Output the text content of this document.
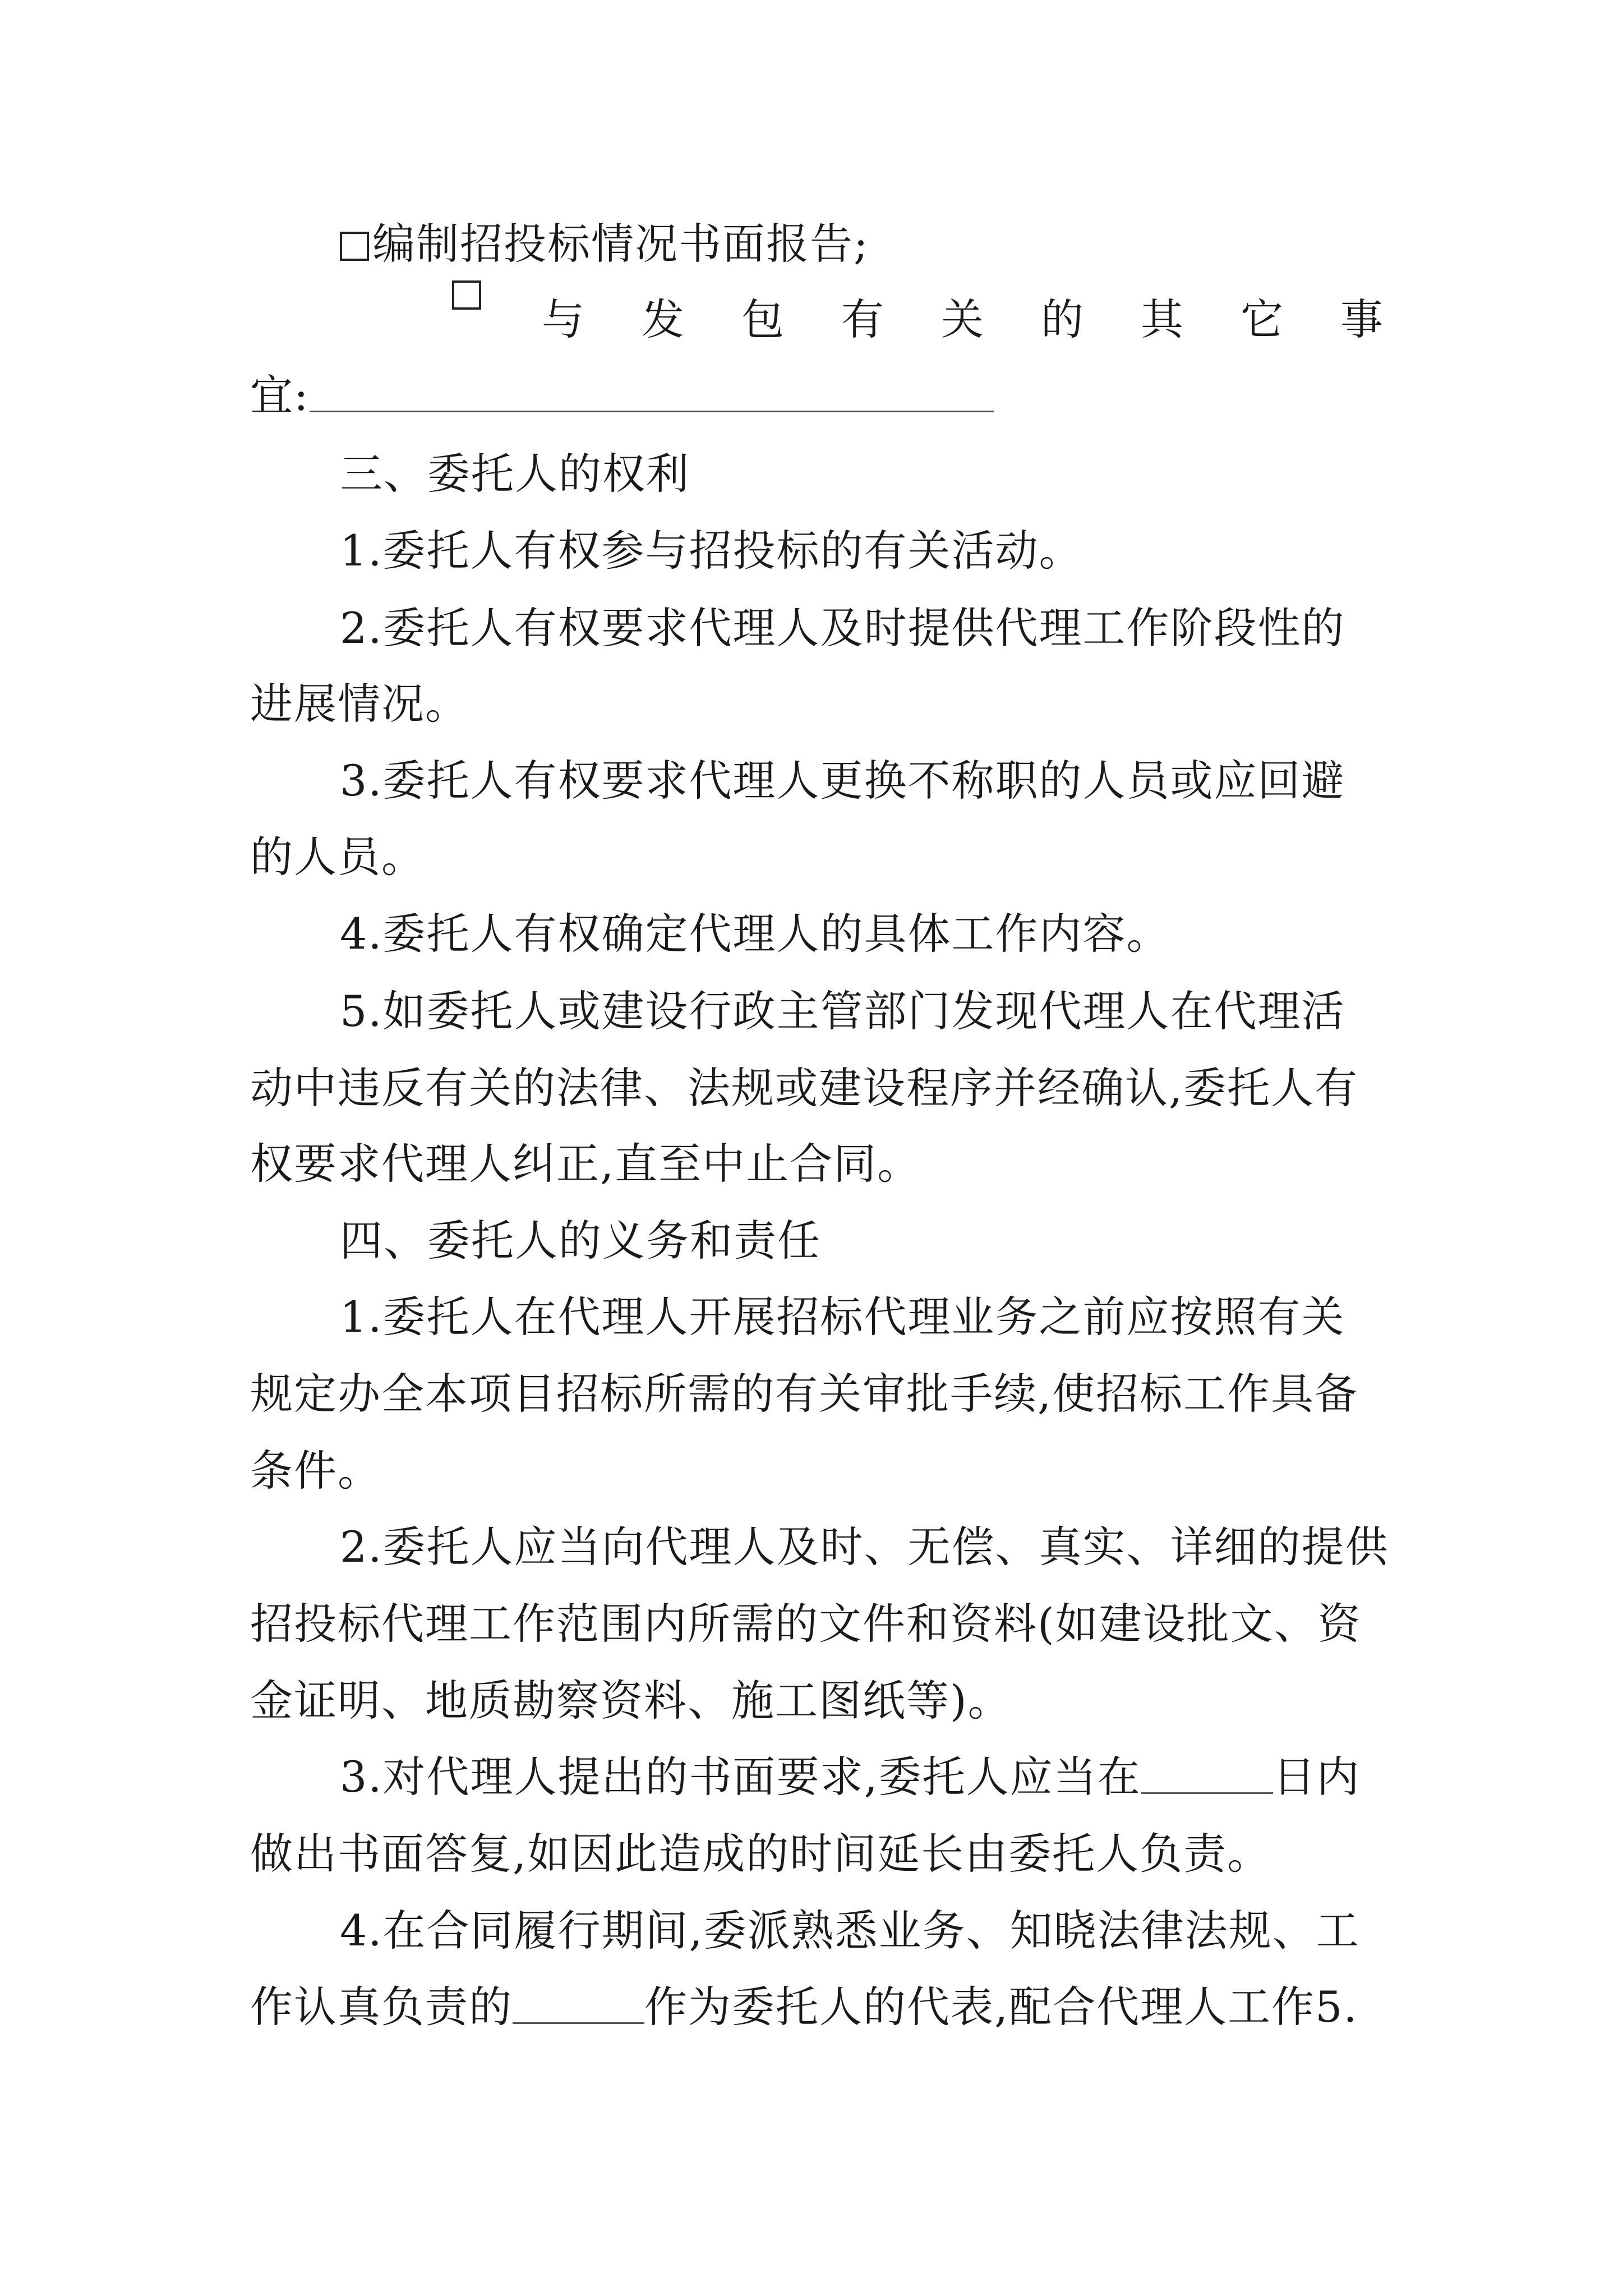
编制招投标情况书面报告;
与 发 包 有 关 的 其 它 事
宜:
三、委托人的权利
1.委托人有权参与招投标的有关活动。
2.委托人有权要求代理人及时提供代理工作阶段性的
进展情况。
3.委托人有权要求代理人更换不称职的人员或应回避
的人员。
4.委托人有权确定代理人的具体工作内容。
5.如委托人或建设行政主管部门发现代理人在代理活
动中违反有关的法律、法规或建设程序并经确认,委托人有
权要求代理人纠正,直至中止合同。
四、委托人的义务和责任
1.委托人在代理人开展招标代理业务之前应按照有关
规定办全本项目招标所需的有关审批手续,使招标工作具备
条件。
2.委托人应当向代理人及时、无偿、真实、详细的提供
招投标代理工作范围内所需的文件和资料(如建设批文、资
金证明、地质勘察资料、施工图纸等)。
3.对代理人提出的书面要求,委托人应当在	日内
做出书面答复,如因此造成的时间延长由委托人负责。
4.在合同履行期间,委派熟悉业务、知晓法律法规、工
作认真负责的	作为委托人的代表,配合代理人工作5.
